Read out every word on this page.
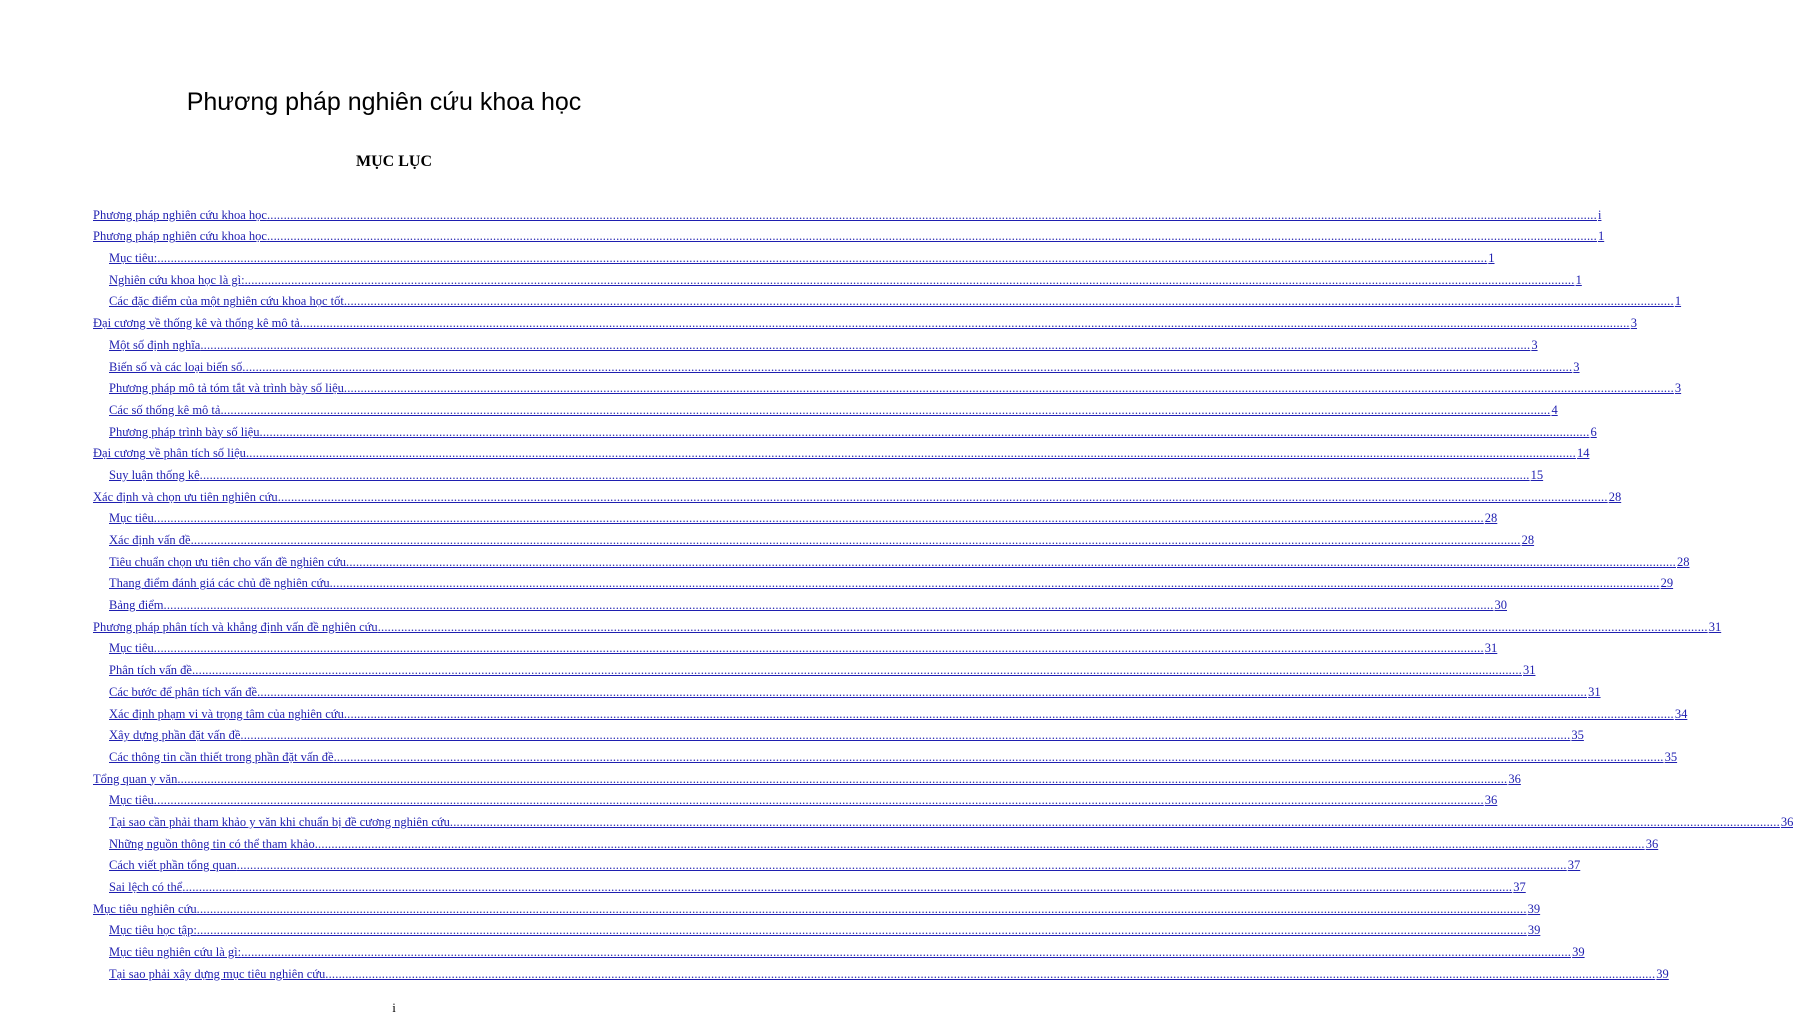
Phương pháp nghiên cứu khoa học
MỤC LỤC
Phương pháp nghiên cứu khoa học ................................................................................................................................................................................................................................................................................................................................................................................................................ i
Phương pháp nghiên cứu khoa học ................................................................................................................................................................................................................................................................................................................................................................................................................ 1
Mục tiêu: ................................................................................................................................................................................................................................................................................................................................................................................................................ 1
Nghiên cứu khoa học là gì: ................................................................................................................................................................................................................................................................................................................................................................................................................ 1
Các đặc điểm của một nghiên cứu khoa học tốt ................................................................................................................................................................................................................................................................................................................................................................................................................ 1
Đại cương về thống kê và thống kê mô tả ................................................................................................................................................................................................................................................................................................................................................................................................................ 3
Một số định nghĩa ................................................................................................................................................................................................................................................................................................................................................................................................................ 3
Biến số và các loại biến số ................................................................................................................................................................................................................................................................................................................................................................................................................ 3
Phương pháp mô tả tóm tắt và trình bày số liệu ................................................................................................................................................................................................................................................................................................................................................................................................................ 3
Các số thống kê mô tả ................................................................................................................................................................................................................................................................................................................................................................................................................ 4
Phương pháp trình bày số liệu ................................................................................................................................................................................................................................................................................................................................................................................................................ 6
Đại cương về phân tích số liệu ................................................................................................................................................................................................................................................................................................................................................................................................................ 14
Suy luận thống kê ................................................................................................................................................................................................................................................................................................................................................................................................................ 15
Xác định và chọn ưu tiên nghiên cứu ................................................................................................................................................................................................................................................................................................................................................................................................................ 28
Mục tiêu ................................................................................................................................................................................................................................................................................................................................................................................................................ 28
Xác định vấn đề ................................................................................................................................................................................................................................................................................................................................................................................................................ 28
Tiêu chuẩn chọn ưu tiên cho vấn đề nghiên cứu ................................................................................................................................................................................................................................................................................................................................................................................................................ 28
Thang điểm đánh giá các chủ đề nghiên cứu ................................................................................................................................................................................................................................................................................................................................................................................................................ 29
Bảng điểm ................................................................................................................................................................................................................................................................................................................................................................................................................ 30
Phương pháp phân tích và khẳng định vấn đề nghiên cứu ................................................................................................................................................................................................................................................................................................................................................................................................................ 31
Mục tiêu ................................................................................................................................................................................................................................................................................................................................................................................................................ 31
Phân tích vấn đề ................................................................................................................................................................................................................................................................................................................................................................................................................ 31
Các bước để phân tích vấn đề ................................................................................................................................................................................................................................................................................................................................................................................................................ 31
Xác định phạm vi và trọng tâm của nghiên cứu ................................................................................................................................................................................................................................................................................................................................................................................................................ 34
Xây dựng phần đặt vấn đề ................................................................................................................................................................................................................................................................................................................................................................................................................ 35
Các thông tin cần thiết trong phần đặt vấn đề ................................................................................................................................................................................................................................................................................................................................................................................................................ 35
Tổng quan y văn ................................................................................................................................................................................................................................................................................................................................................................................................................ 36
Mục tiêu ................................................................................................................................................................................................................................................................................................................................................................................................................ 36
Tại sao cần phải tham khảo y văn khi chuẩn bị đề cương nghiên cứu ................................................................................................................................................................................................................................................................................................................................................................................................................ 36
Những nguồn thông tin có thể tham khảo ................................................................................................................................................................................................................................................................................................................................................................................................................ 36
Cách viết phần tổng quan ................................................................................................................................................................................................................................................................................................................................................................................................................ 37
Sai lệch có thể ................................................................................................................................................................................................................................................................................................................................................................................................................ 37
Mục tiêu nghiên cứu ................................................................................................................................................................................................................................................................................................................................................................................................................ 39
Mục tiêu học tập: ................................................................................................................................................................................................................................................................................................................................................................................................................ 39
Mục tiêu nghiên cứu là gì: ................................................................................................................................................................................................................................................................................................................................................................................................................ 39
Tại sao phải xây dựng mục tiêu nghiên cứu ................................................................................................................................................................................................................................................................................................................................................................................................................ 39

i
